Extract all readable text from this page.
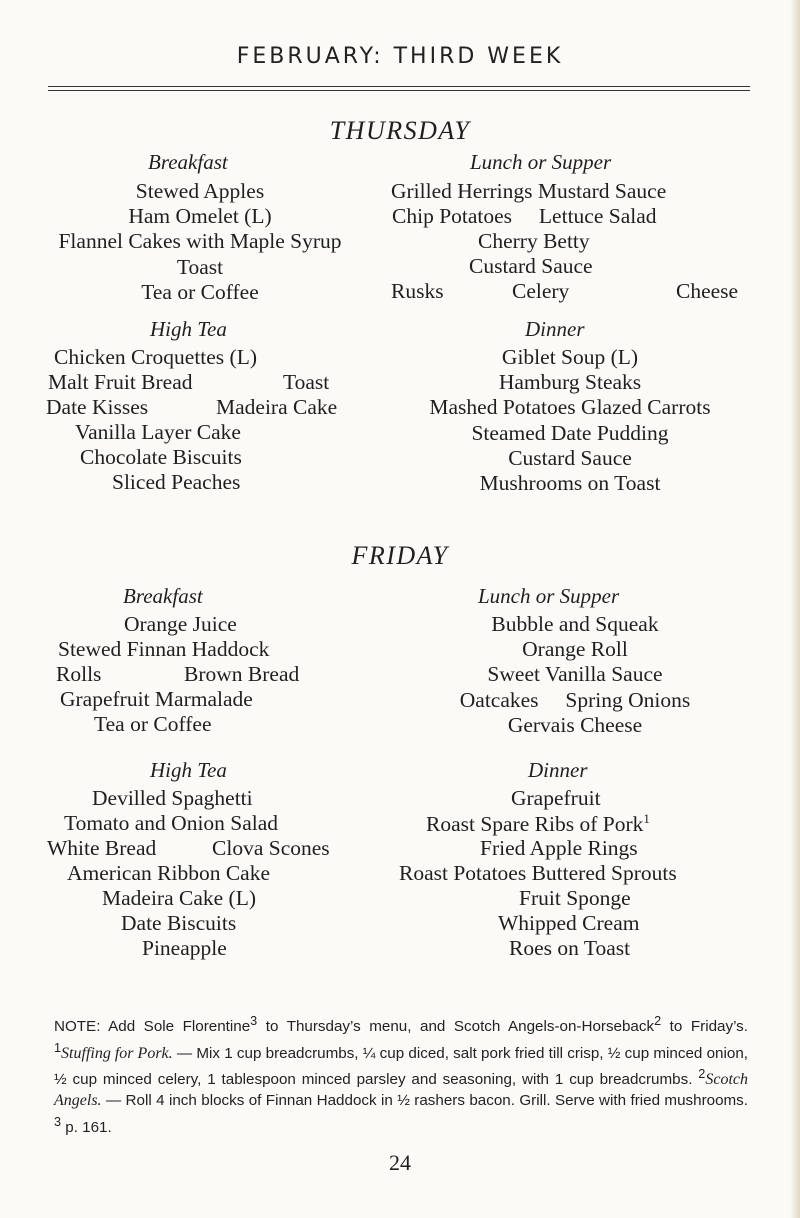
FEBRUARY: THIRD WEEK
THURSDAY
Breakfast
Stewed Apples
Ham Omelet (L)
Flannel Cakes with Maple Syrup
Toast
Tea or Coffee
Lunch or Supper
Grilled Herrings Mustard Sauce
Chip Potatoes     Lettuce Salad
Cherry Betty
Custard Sauce
Rusks	Celery	Cheese
High Tea
Chicken Croquettes (L)
Malt Fruit Bread	Toast
Date Kisses	Madeira Cake
Vanilla Layer Cake
Chocolate Biscuits
Sliced Peaches
Dinner
Giblet Soup (L)
Hamburg Steaks
Mashed Potatoes Glazed Carrots
Steamed Date Pudding
Custard Sauce
Mushrooms on Toast
FRIDAY
Breakfast
Orange Juice
Stewed Finnan Haddock
Rolls	Brown Bread
Grapefruit Marmalade
Tea or Coffee
Lunch or Supper
Bubble and Squeak
Orange Roll
Sweet Vanilla Sauce
Oatcakes     Spring Onions
Gervais Cheese
High Tea
Devilled Spaghetti
Tomato and Onion Salad
White Bread	Clova Scones
American Ribbon Cake
Madeira Cake (L)
Date Biscuits
Pineapple
Dinner
Grapefruit
Roast Spare Ribs of Pork$^1$
Fried Apple Rings
Roast Potatoes Buttered Sprouts
Fruit Sponge
Whipped Cream
Roes on Toast
NOTE: Add Sole Florentine$^3$ to Thursday’s menu, and Scotch Angels-on-Horseback$^2$ to Friday’s. $^1$Stuffing for Pork. — Mix 1 cup breadcrumbs, ¼ cup diced, salt pork fried till crisp, ½ cup minced onion, ½ cup minced celery, 1 tablespoon minced parsley and seasoning, with 1 cup breadcrumbs. $^2$Scotch Angels. — Roll 4 inch blocks of Finnan Haddock in ½ rashers bacon. Grill. Serve with fried mushrooms. $^3$ p. 161.
24
